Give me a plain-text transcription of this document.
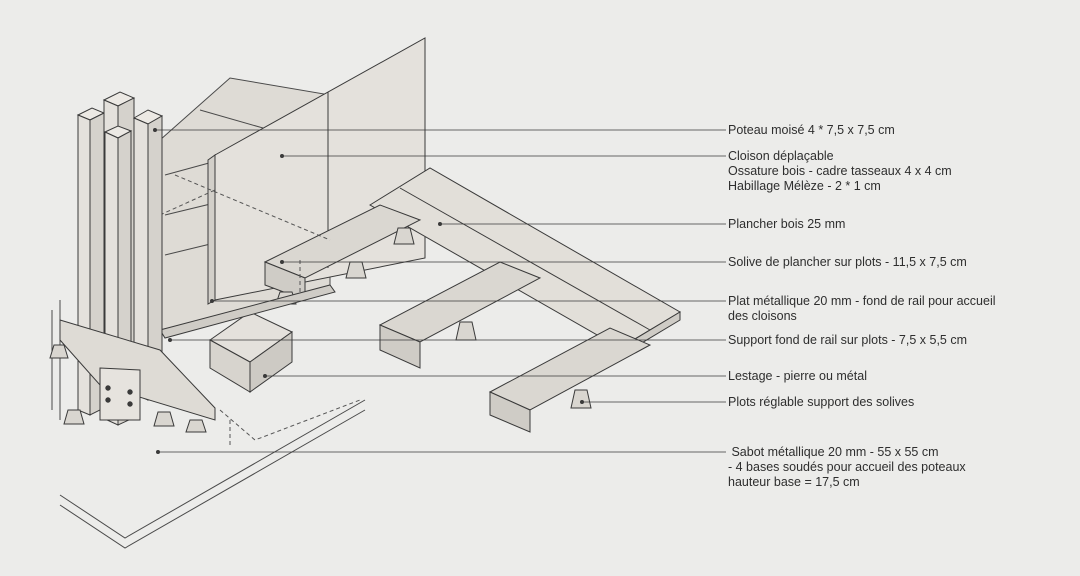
Poteau moisé 4 * 7,5 x 7,5 cm
Cloison déplaçable
Ossature bois - cadre tasseaux 4 x 4 cm
Habillage Mélèze - 2 * 1 cm
Plancher bois 25 mm
Solive de plancher sur plots - 11,5 x 7,5 cm
Plat métallique 20 mm - fond de rail pour accueil
des cloisons
Support fond de rail sur plots - 7,5 x 5,5 cm
Lestage - pierre ou métal
Plots réglable support des solives
Sabot métallique 20 mm - 55 x 55 cm
- 4 bases soudés pour accueil des poteaux
hauteur base = 17,5 cm
